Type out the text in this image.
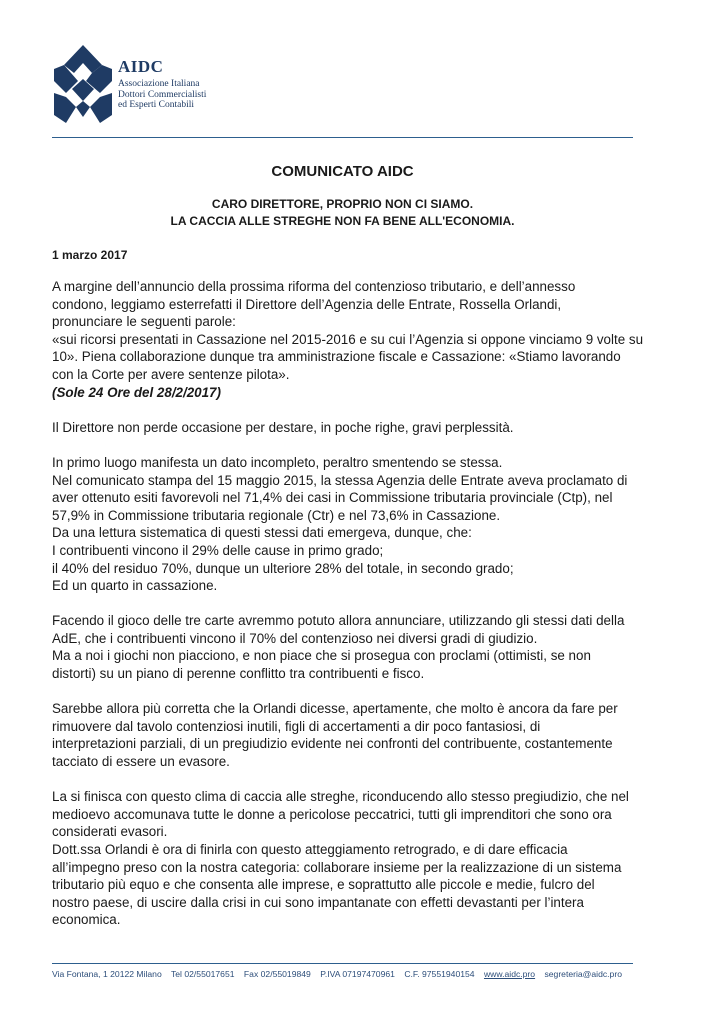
AIDC
Associazione Italiana
Dottori Commercialisti
ed Esperti Contabili
COMUNICATO AIDC
CARO DIRETTORE, PROPRIO NON CI SIAMO.
LA CACCIA ALLE STREGHE NON FA BENE ALL'ECONOMIA.
1 marzo 2017
A margine dell’annuncio della prossima riforma del contenzioso tributario, e dell’annesso
condono, leggiamo esterrefatti il Direttore dell’Agenzia delle Entrate, Rossella Orlandi,
pronunciare le seguenti parole:
«sui ricorsi presentati in Cassazione nel 2015-2016 e su cui l’Agenzia si oppone vinciamo 9 volte su
10». Piena collaborazione dunque tra amministrazione fiscale e Cassazione: «Stiamo lavorando
con la Corte per avere sentenze pilota».
(Sole 24 Ore del 28/2/2017)
Il Direttore non perde occasione per destare, in poche righe, gravi perplessità.
In primo luogo manifesta un dato incompleto, peraltro smentendo se stessa.
Nel comunicato stampa del 15 maggio 2015, la stessa Agenzia delle Entrate aveva proclamato di
aver ottenuto esiti favorevoli nel 71,4% dei casi in Commissione tributaria provinciale (Ctp), nel
57,9% in Commissione tributaria regionale (Ctr) e nel 73,6% in Cassazione.
Da una lettura sistematica di questi stessi dati emergeva, dunque, che:
I contribuenti vincono il 29% delle cause in primo grado;
il 40% del residuo 70%, dunque un ulteriore 28% del totale, in secondo grado;
Ed un quarto in cassazione.
Facendo il gioco delle tre carte avremmo potuto allora annunciare, utilizzando gli stessi dati della
AdE, che i contribuenti vincono il 70% del contenzioso nei diversi gradi di giudizio.
Ma a noi i giochi non piacciono, e non piace che si prosegua con proclami (ottimisti, se non
distorti) su un piano di perenne conflitto tra contribuenti e fisco.
Sarebbe allora più corretta che la Orlandi dicesse, apertamente, che molto è ancora da fare per
rimuovere dal tavolo contenziosi inutili, figli di accertamenti a dir poco fantasiosi, di
interpretazioni parziali, di un pregiudizio evidente nei confronti del contribuente, costantemente
tacciato di essere un evasore.
La si finisca con questo clima di caccia alle streghe, riconducendo allo stesso pregiudizio, che nel
medioevo accomunava tutte le donne a pericolose peccatrici, tutti gli imprenditori che sono ora
considerati evasori.
Dott.ssa Orlandi è ora di finirla con questo atteggiamento retrogrado, e di dare efficacia
all’impegno preso con la nostra categoria: collaborare insieme per la realizzazione di un sistema
tributario più equo e che consenta alle imprese, e soprattutto alle piccole e medie, fulcro del
nostro paese, di uscire dalla crisi in cui sono impantanate con effetti devastanti per l’intera
economica.
Via Fontana, 1 20122 Milano Tel 02/55017651 Fax 02/55019849 P.IVA 07197470961 C.F. 97551940154 www.aidc.pro segreteria@aidc.pro
